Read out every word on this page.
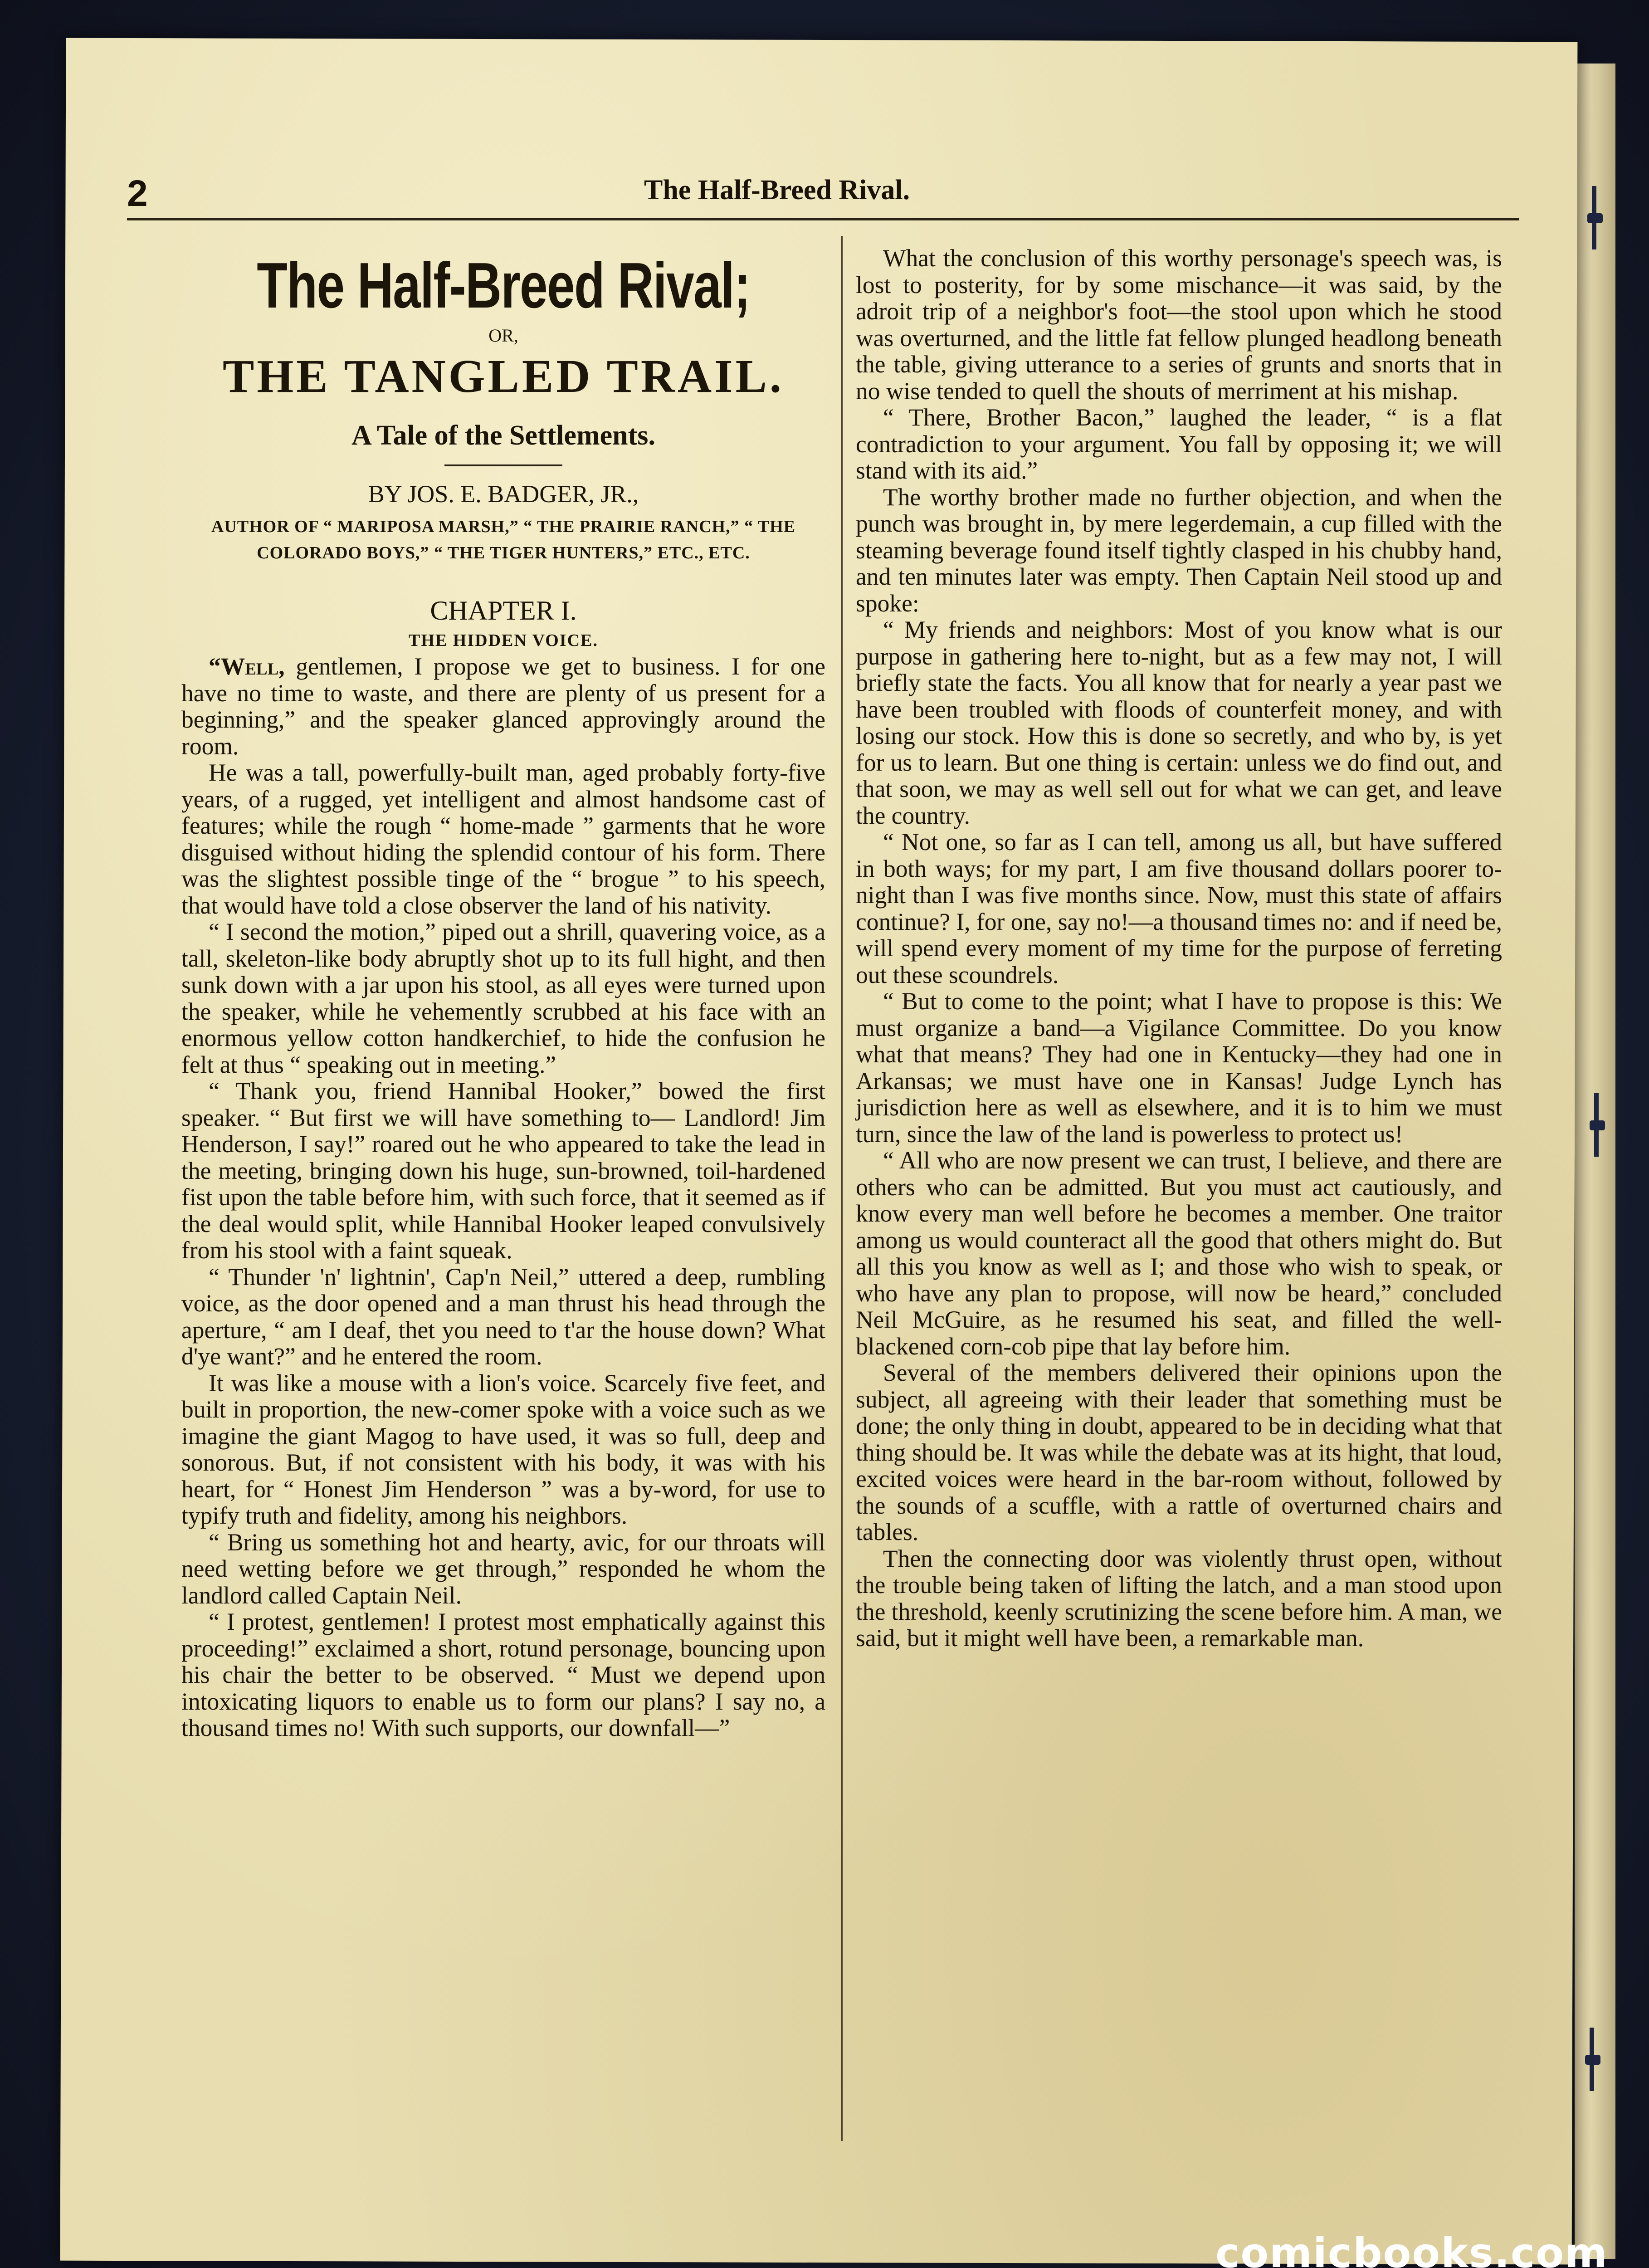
2	The Half-Breed Rival.
The Half-Breed Rival;
OR,
THE TANGLED TRAIL.
A Tale of the Settlements.
BY JOS. E. BADGER, JR.,
AUTHOR OF “ MARIPOSA MARSH,” “ THE PRAIRIE RANCH,” “ THE COLORADO BOYS,” “ THE TIGER HUNTERS,” ETC., ETC.
CHAPTER I.
THE HIDDEN VOICE.

“Well, gentlemen, I propose we get to business. I for one have no time to waste, and there are plenty of us present for a beginning,” and the speaker glanced approvingly around the room.

He was a tall, powerfully-built man, aged probably forty-five years, of a rugged, yet intelligent and almost handsome cast of features; while the rough “ home-made ” garments that he wore disguised without hiding the splendid contour of his form. There was the slightest possible tinge of the “ brogue ” to his speech, that would have told a close observer the land of his nativity.

“ I second the motion,” piped out a shrill, quavering voice, as a tall, skeleton-like body abruptly shot up to its full hight, and then sunk down with a jar upon his stool, as all eyes were turned upon the speaker, while he vehemently scrubbed at his face with an enormous yellow cotton handkerchief, to hide the confusion he felt at thus “ speaking out in meeting.”

“ Thank you, friend Hannibal Hooker,” bowed the first speaker. “ But first we will have something to— Landlord! Jim Henderson, I say!” roared out he who appeared to take the lead in the meeting, bringing down his huge, sun-browned, toil-hardened fist upon the table before him, with such force, that it seemed as if the deal would split, while Hannibal Hooker leaped convulsively from his stool with a faint squeak.

“ Thunder 'n' lightnin', Cap'n Neil,” uttered a deep, rumbling voice, as the door opened and a man thrust his head through the aperture, “ am I deaf, thet you need to t'ar the house down? What d'ye want?” and he entered the room.

It was like a mouse with a lion's voice. Scarcely five feet, and built in proportion, the new-comer spoke with a voice such as we imagine the giant Magog to have used, it was so full, deep and sonorous. But, if not consistent with his body, it was with his heart, for “ Honest Jim Henderson ” was a by-word, for use to typify truth and fidelity, among his neighbors.

“ Bring us something hot and hearty, avic, for our throats will need wetting before we get through,” responded he whom the landlord called Captain Neil.

“ I protest, gentlemen! I protest most emphatically against this proceeding!” exclaimed a short, rotund personage, bouncing upon his chair the better to be observed. “ Must we depend upon intoxicating liquors to enable us to form our plans? I say no, a thousand times no! With such supports, our downfall—”

What the conclusion of this worthy personage's speech was, is lost to posterity, for by some mischance—it was said, by the adroit trip of a neighbor's foot—the stool upon which he stood was overturned, and the little fat fellow plunged headlong beneath the table, giving utterance to a series of grunts and snorts that in no wise tended to quell the shouts of merriment at his mishap.

“ There, Brother Bacon,” laughed the leader, “ is a flat contradiction to your argument. You fall by opposing it; we will stand with its aid.”

The worthy brother made no further objection, and when the punch was brought in, by mere legerdemain, a cup filled with the steaming beverage found itself tightly clasped in his chubby hand, and ten minutes later was empty. Then Captain Neil stood up and spoke:

“ My friends and neighbors: Most of you know what is our purpose in gathering here to-night, but as a few may not, I will briefly state the facts. You all know that for nearly a year past we have been troubled with floods of counterfeit money, and with losing our stock. How this is done so secretly, and who by, is yet for us to learn. But one thing is certain: unless we do find out, and that soon, we may as well sell out for what we can get, and leave the country.

“ Not one, so far as I can tell, among us all, but have suffered in both ways; for my part, I am five thousand dollars poorer to-night than I was five months since. Now, must this state of affairs continue? I, for one, say no!—a thousand times no: and if need be, will spend every moment of my time for the purpose of ferreting out these scoundrels.

“ But to come to the point; what I have to propose is this: We must organize a band—a Vigilance Committee. Do you know what that means? They had one in Kentucky—they had one in Arkansas; we must have one in Kansas! Judge Lynch has jurisdiction here as well as elsewhere, and it is to him we must turn, since the law of the land is powerless to protect us!

“ All who are now present we can trust, I believe, and there are others who can be admitted. But you must act cautiously, and know every man well before he becomes a member. One traitor among us would counteract all the good that others might do. But all this you know as well as I; and those who wish to speak, or who have any plan to propose, will now be heard,” concluded Neil McGuire, as he resumed his seat, and filled the well-blackened corn-cob pipe that lay before him.

Several of the members delivered their opinions upon the subject, all agreeing with their leader that something must be done; the only thing in doubt, appeared to be in deciding what that thing should be. It was while the debate was at its hight, that loud, excited voices were heard in the bar-room without, followed by the sounds of a scuffle, with a rattle of overturned chairs and tables.

Then the connecting door was violently thrust open, without the trouble being taken of lifting the latch, and a man stood upon the threshold, keenly scrutinizing the scene before him. A man, we said, but it might well have been, a remarkable man.

comicbooks.com
